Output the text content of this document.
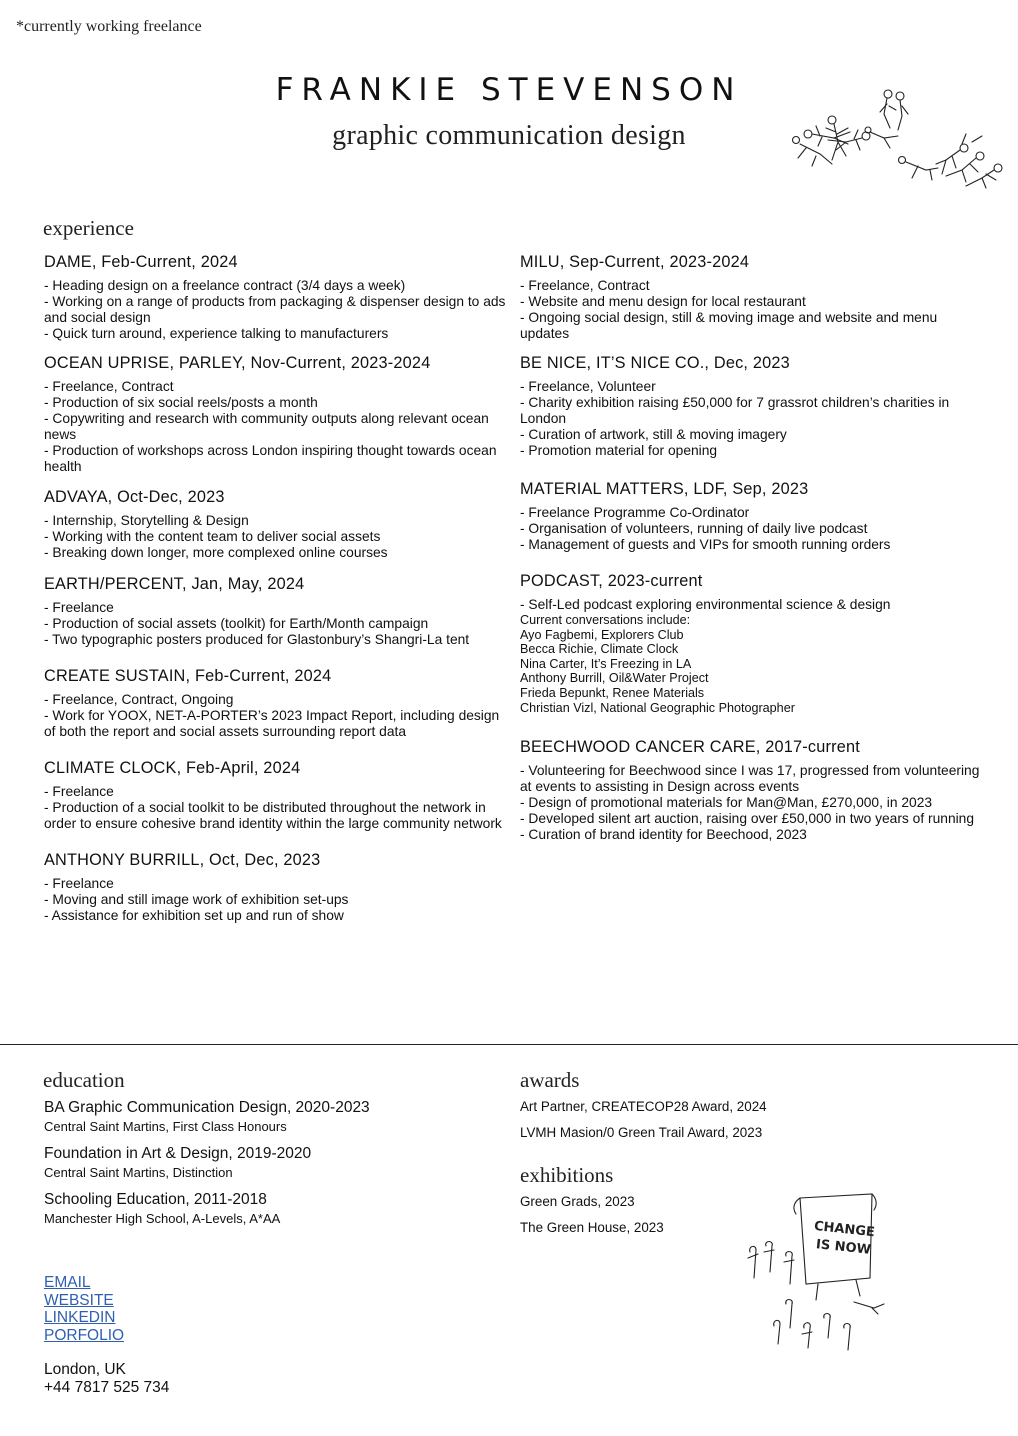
*currently working freelance
FRANKIE STEVENSON
graphic communication design
experience
DAME, Feb-Current, 2024

- Heading design on a freelance contract (3/4 days a week)

- Working on a range of products from packaging & dispenser design to ads and social design

- Quick turn around, experience talking to manufacturers

OCEAN UPRISE, PARLEY, Nov-Current, 2023-2024

- Freelance, Contract

- Production of six social reels/posts a month

- Copywriting and research with community outputs along relevant ocean news

- Production of workshops across London inspiring thought towards ocean health

ADVAYA, Oct-Dec, 2023

- Internship, Storytelling & Design

- Working with the content team to deliver social assets

- Breaking down longer, more complexed online courses

EARTH/PERCENT, Jan, May, 2024

- Freelance

- Production of social assets (toolkit) for Earth/Month campaign

- Two typographic posters produced for Glastonbury’s Shangri-La tent

CREATE SUSTAIN, Feb-Current, 2024

- Freelance, Contract, Ongoing

- Work for YOOX, NET-A-PORTER’s 2023 Impact Report, including design of both the report and social assets surrounding report data

CLIMATE CLOCK, Feb-April, 2024

- Freelance

- Production of a social toolkit to be distributed throughout the network in order to ensure cohesive brand identity within the large community network

ANTHONY BURRILL, Oct, Dec, 2023

- Freelance

- Moving and still image work of exhibition set-ups

- Assistance for exhibition set up and run of show

MILU, Sep-Current, 2023-2024

- Freelance, Contract

- Website and menu design for local restaurant

- Ongoing social design, still & moving image and website and menu updates

BE NICE, IT’S NICE CO., Dec, 2023

- Freelance, Volunteer

- Charity exhibition raising £50,000 for 7 grassrot children’s charities in London

- Curation of artwork, still & moving imagery

- Promotion material for opening

MATERIAL MATTERS, LDF, Sep, 2023

- Freelance Programme Co-Ordinator

- Organisation of volunteers, running of daily live podcast

- Management of guests and VIPs for smooth running orders

PODCAST, 2023-current

- Self-Led podcast exploring environmental science & design

Current conversations include:

Ayo Fagbemi, Explorers Club

Becca Richie, Climate Clock

Nina Carter, It’s Freezing in LA

Anthony Burrill, Oil&Water Project

Frieda Bepunkt, Renee Materials

Christian Vizl, National Geographic Photographer

BEECHWOOD CANCER CARE, 2017-current

- Volunteering for Beechwood since I was 17, progressed from volunteering at events to assisting in Design across events

- Design of promotional materials for Man@Man, £270,000, in 2023

- Developed silent art auction, raising over £50,000 in two years of running

- Curation of brand identity for Beechood, 2023

education
BA Graphic Communication Design, 2020-2023

Central Saint Martins, First Class Honours

Foundation in Art & Design, 2019-2020

Central Saint Martins, Distinction

Schooling Education, 2011-2018

Manchester High School, A-Levels, A*AA

awards
Art Partner, CREATECOP28 Award, 2024
LVMH Masion/0 Green Trail Award, 2023
exhibitions
Green Grads, 2023
The Green House, 2023	CHANGE
IS NOW
EMAIL
WEBSITE
LINKEDIN
PORFOLIO
London, UK
+44 7817 525 734
